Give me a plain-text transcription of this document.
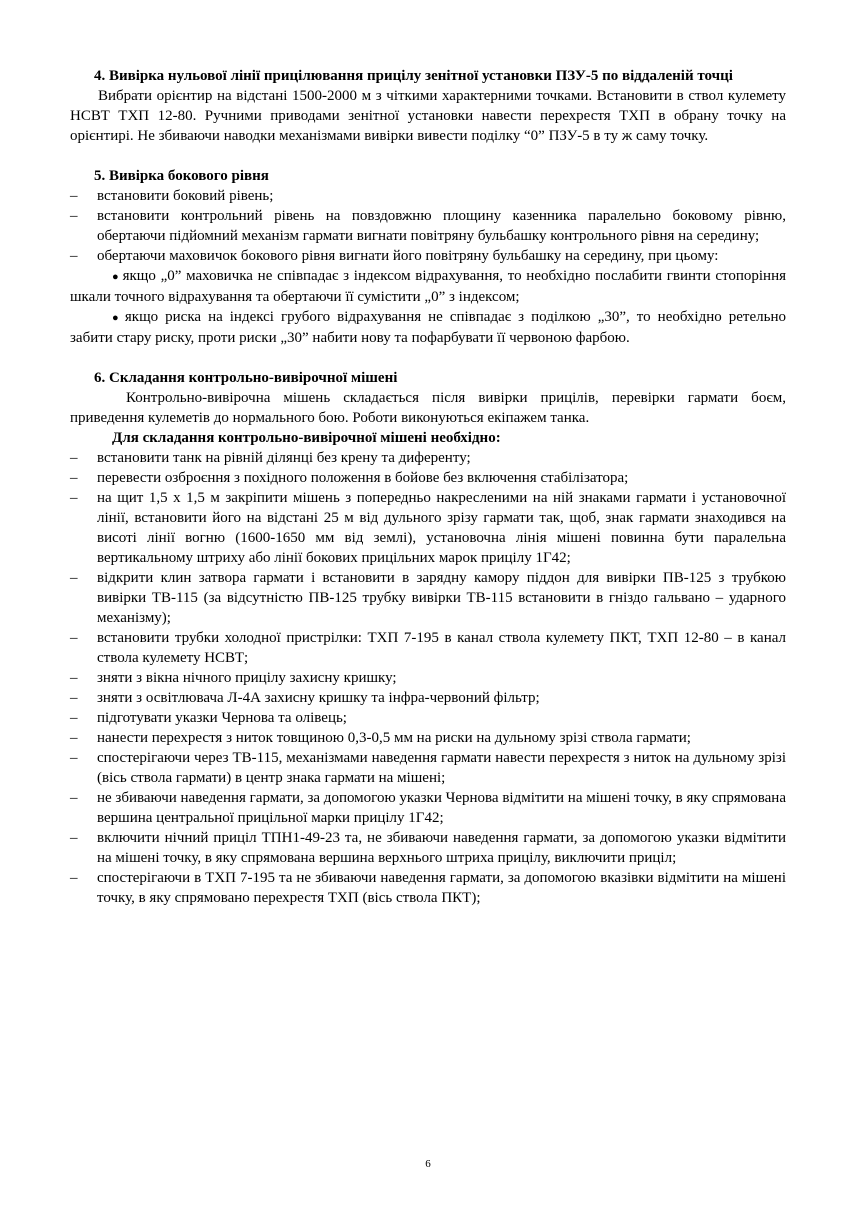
4. Вивірка нульової лінії прицілювання прицілу зенітної установки ПЗУ-5 по віддаленій точці

Вибрати орієнтир на відстані 1500-2000 м з чіткими характерними точками. Встановити в ствол кулемету НСВТ ТХП 12-80. Ручними приводами зенітної установки навести перехрестя ТХП в обрану точку на орієнтирі. Не збиваючи наводки механізмами вивірки вивести поділку “0” ПЗУ-5 в ту ж саму точку.

5. Вивірка бокового рівня

– встановити боковий рівень;
– встановити контрольний рівень на повздовжню площину казенника паралельно боковому рівню, обертаючи підйомний механізм гармати вигнати повітряну бульбашку контрольного рівня на середину;
– обертаючи маховичок бокового рівня вигнати його повітряну бульбашку на середину, при цьому:

● якщо „0” маховичка не співпадає з індексом відрахування, то необхідно послабити гвинти стопоріння шкали точного відрахування та обертаючи її сумістити „0” з індексом;

● якщо риска на індексі грубого відрахування не співпадає з поділкою „30”, то необхідно ретельно забити стару риску, проти риски „30” набити нову та пофарбувати її червоною фарбою.

6. Складання контрольно-вивірочної мішені

Контрольно-вивірочна мішень складається після вивірки прицілів, перевірки гармати боєм, приведення кулеметів до нормального бою. Роботи виконуються екіпажем танка.

Для складання контрольно-вивірочної мішені необхідно:

– встановити танк на рівній ділянці без крену та диференту;
– перевести озброєння з похідного положення в бойове без включення стабілізатора;
– на щит 1,5 х 1,5 м закріпити мішень з попередньо накресленими на ній знаками гармати і установочної лінії, встановити його на відстані 25 м від дульного зрізу гармати так, щоб, знак гармати знаходився на висоті лінії вогню (1600-1650 мм від землі), установочна лінія мішені повинна бути паралельна вертикальному штриху або лінії бокових прицільних марок прицілу 1Г42;
– відкрити клин затвора гармати і встановити в зарядну камору піддон для вивірки ПВ-125 з трубкою вивірки ТВ-115 (за відсутністю ПВ-125 трубку вивірки ТВ-115 встановити в гніздо гальвано – ударного механізму);
– встановити трубки холодної пристрілки: ТХП 7-195 в канал ствола кулемету ПКТ, ТХП 12-80 – в канал ствола кулемету НСВТ;
– зняти з вікна нічного прицілу захисну кришку;
– зняти з освітлювача Л-4А захисну кришку та інфра-червоний фільтр;
– підготувати указки Чернова та олівець;
– нанести перехрестя з ниток товщиною 0,3-0,5 мм на риски на дульному зрізі ствола гармати;
– спостерігаючи через ТВ-115, механізмами наведення гармати навести перехрестя з ниток на дульному зрізі (вісь ствола гармати) в центр знака гармати на мішені;
– не збиваючи наведення гармати, за допомогою указки Чернова відмітити на мішені точку, в яку спрямована вершина центральної прицільної марки прицілу 1Г42;
– включити нічний приціл ТПН1-49-23 та, не збиваючи наведення гармати, за допомогою указки відмітити на мішені точку, в яку спрямована вершина верхнього штриха прицілу, виключити приціл;
– спостерігаючи в ТХП 7-195 та не збиваючи наведення гармати, за допомогою вказівки відмітити на мішені точку, в яку спрямовано перехрестя ТХП (вісь ствола ПКТ);
6
